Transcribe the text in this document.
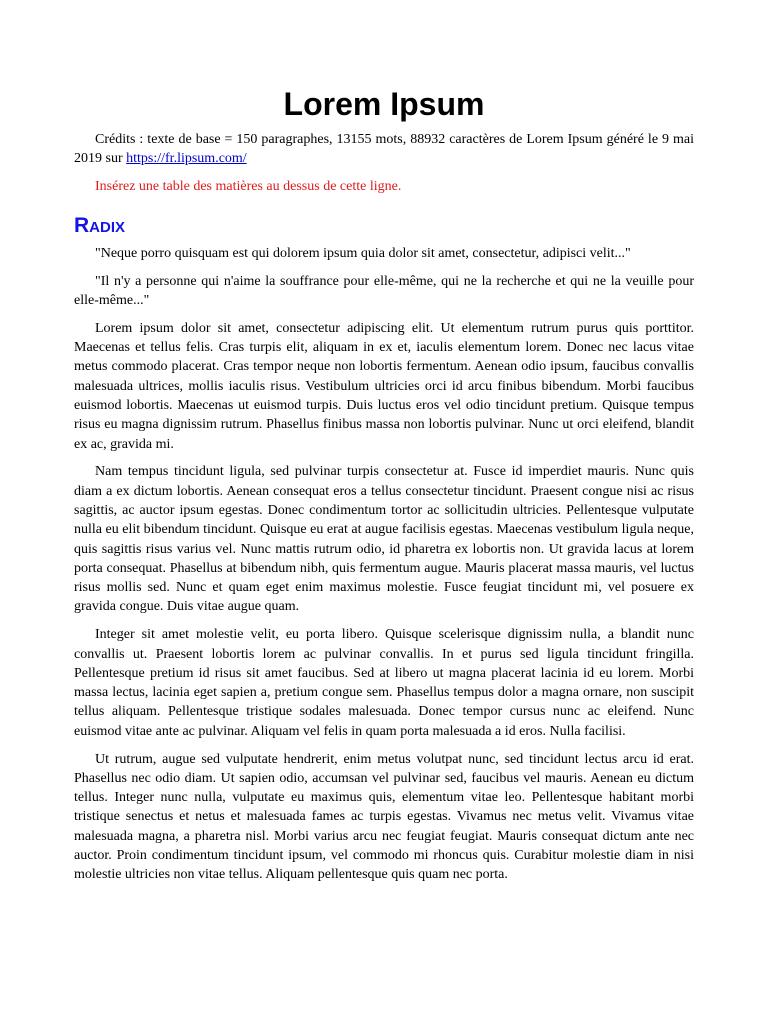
Lorem Ipsum

Crédits : texte de base = 150 paragraphes, 13155 mots, 88932 caractères de Lorem Ipsum généré le 9 mai 2019 sur https://fr.lipsum.com/

Insérez une table des matières au dessus de cette ligne.

Radix

"Neque porro quisquam est qui dolorem ipsum quia dolor sit amet, consectetur, adipisci velit..."

"Il n'y a personne qui n'aime la souffrance pour elle-même, qui ne la recherche et qui ne la veuille pour elle-même..."

Lorem ipsum dolor sit amet, consectetur adipiscing elit. Ut elementum rutrum purus quis porttitor. Maecenas et tellus felis. Cras turpis elit, aliquam in ex et, iaculis elementum lorem. Donec nec lacus vitae metus commodo placerat. Cras tempor neque non lobortis fermentum. Aenean odio ipsum, faucibus convallis malesuada ultrices, mollis iaculis risus. Vestibulum ultricies orci id arcu finibus bibendum. Morbi faucibus euismod lobortis. Maecenas ut euismod turpis. Duis luctus eros vel odio tincidunt pretium. Quisque tempus risus eu magna dignissim rutrum. Phasellus finibus massa non lobortis pulvinar. Nunc ut orci eleifend, blandit ex ac, gravida mi.

Nam tempus tincidunt ligula, sed pulvinar turpis consectetur at. Fusce id imperdiet mauris. Nunc quis diam a ex dictum lobortis. Aenean consequat eros a tellus consectetur tincidunt. Praesent congue nisi ac risus sagittis, ac auctor ipsum egestas. Donec condimentum tortor ac sollicitudin ultricies. Pellentesque vulputate nulla eu elit bibendum tincidunt. Quisque eu erat at augue facilisis egestas. Maecenas vestibulum ligula neque, quis sagittis risus varius vel. Nunc mattis rutrum odio, id pharetra ex lobortis non. Ut gravida lacus at lorem porta consequat. Phasellus at bibendum nibh, quis fermentum augue. Mauris placerat massa mauris, vel luctus risus mollis sed. Nunc et quam eget enim maximus molestie. Fusce feugiat tincidunt mi, vel posuere ex gravida congue. Duis vitae augue quam.

Integer sit amet molestie velit, eu porta libero. Quisque scelerisque dignissim nulla, a blandit nunc convallis ut. Praesent lobortis lorem ac pulvinar convallis. In et purus sed ligula tincidunt fringilla. Pellentesque pretium id risus sit amet faucibus. Sed at libero ut magna placerat lacinia id eu lorem. Morbi massa lectus, lacinia eget sapien a, pretium congue sem. Phasellus tempus dolor a magna ornare, non suscipit tellus aliquam. Pellentesque tristique sodales malesuada. Donec tempor cursus nunc ac eleifend. Nunc euismod vitae ante ac pulvinar. Aliquam vel felis in quam porta malesuada a id eros. Nulla facilisi.

Ut rutrum, augue sed vulputate hendrerit, enim metus volutpat nunc, sed tincidunt lectus arcu id erat. Phasellus nec odio diam. Ut sapien odio, accumsan vel pulvinar sed, faucibus vel mauris. Aenean eu dictum tellus. Integer nunc nulla, vulputate eu maximus quis, elementum vitae leo. Pellentesque habitant morbi tristique senectus et netus et malesuada fames ac turpis egestas. Vivamus nec metus velit. Vivamus vitae malesuada magna, a pharetra nisl. Morbi varius arcu nec feugiat feugiat. Mauris consequat dictum ante nec auctor. Proin condimentum tincidunt ipsum, vel commodo mi rhoncus quis. Curabitur molestie diam in nisi molestie ultricies non vitae tellus. Aliquam pellentesque quis quam nec porta.
